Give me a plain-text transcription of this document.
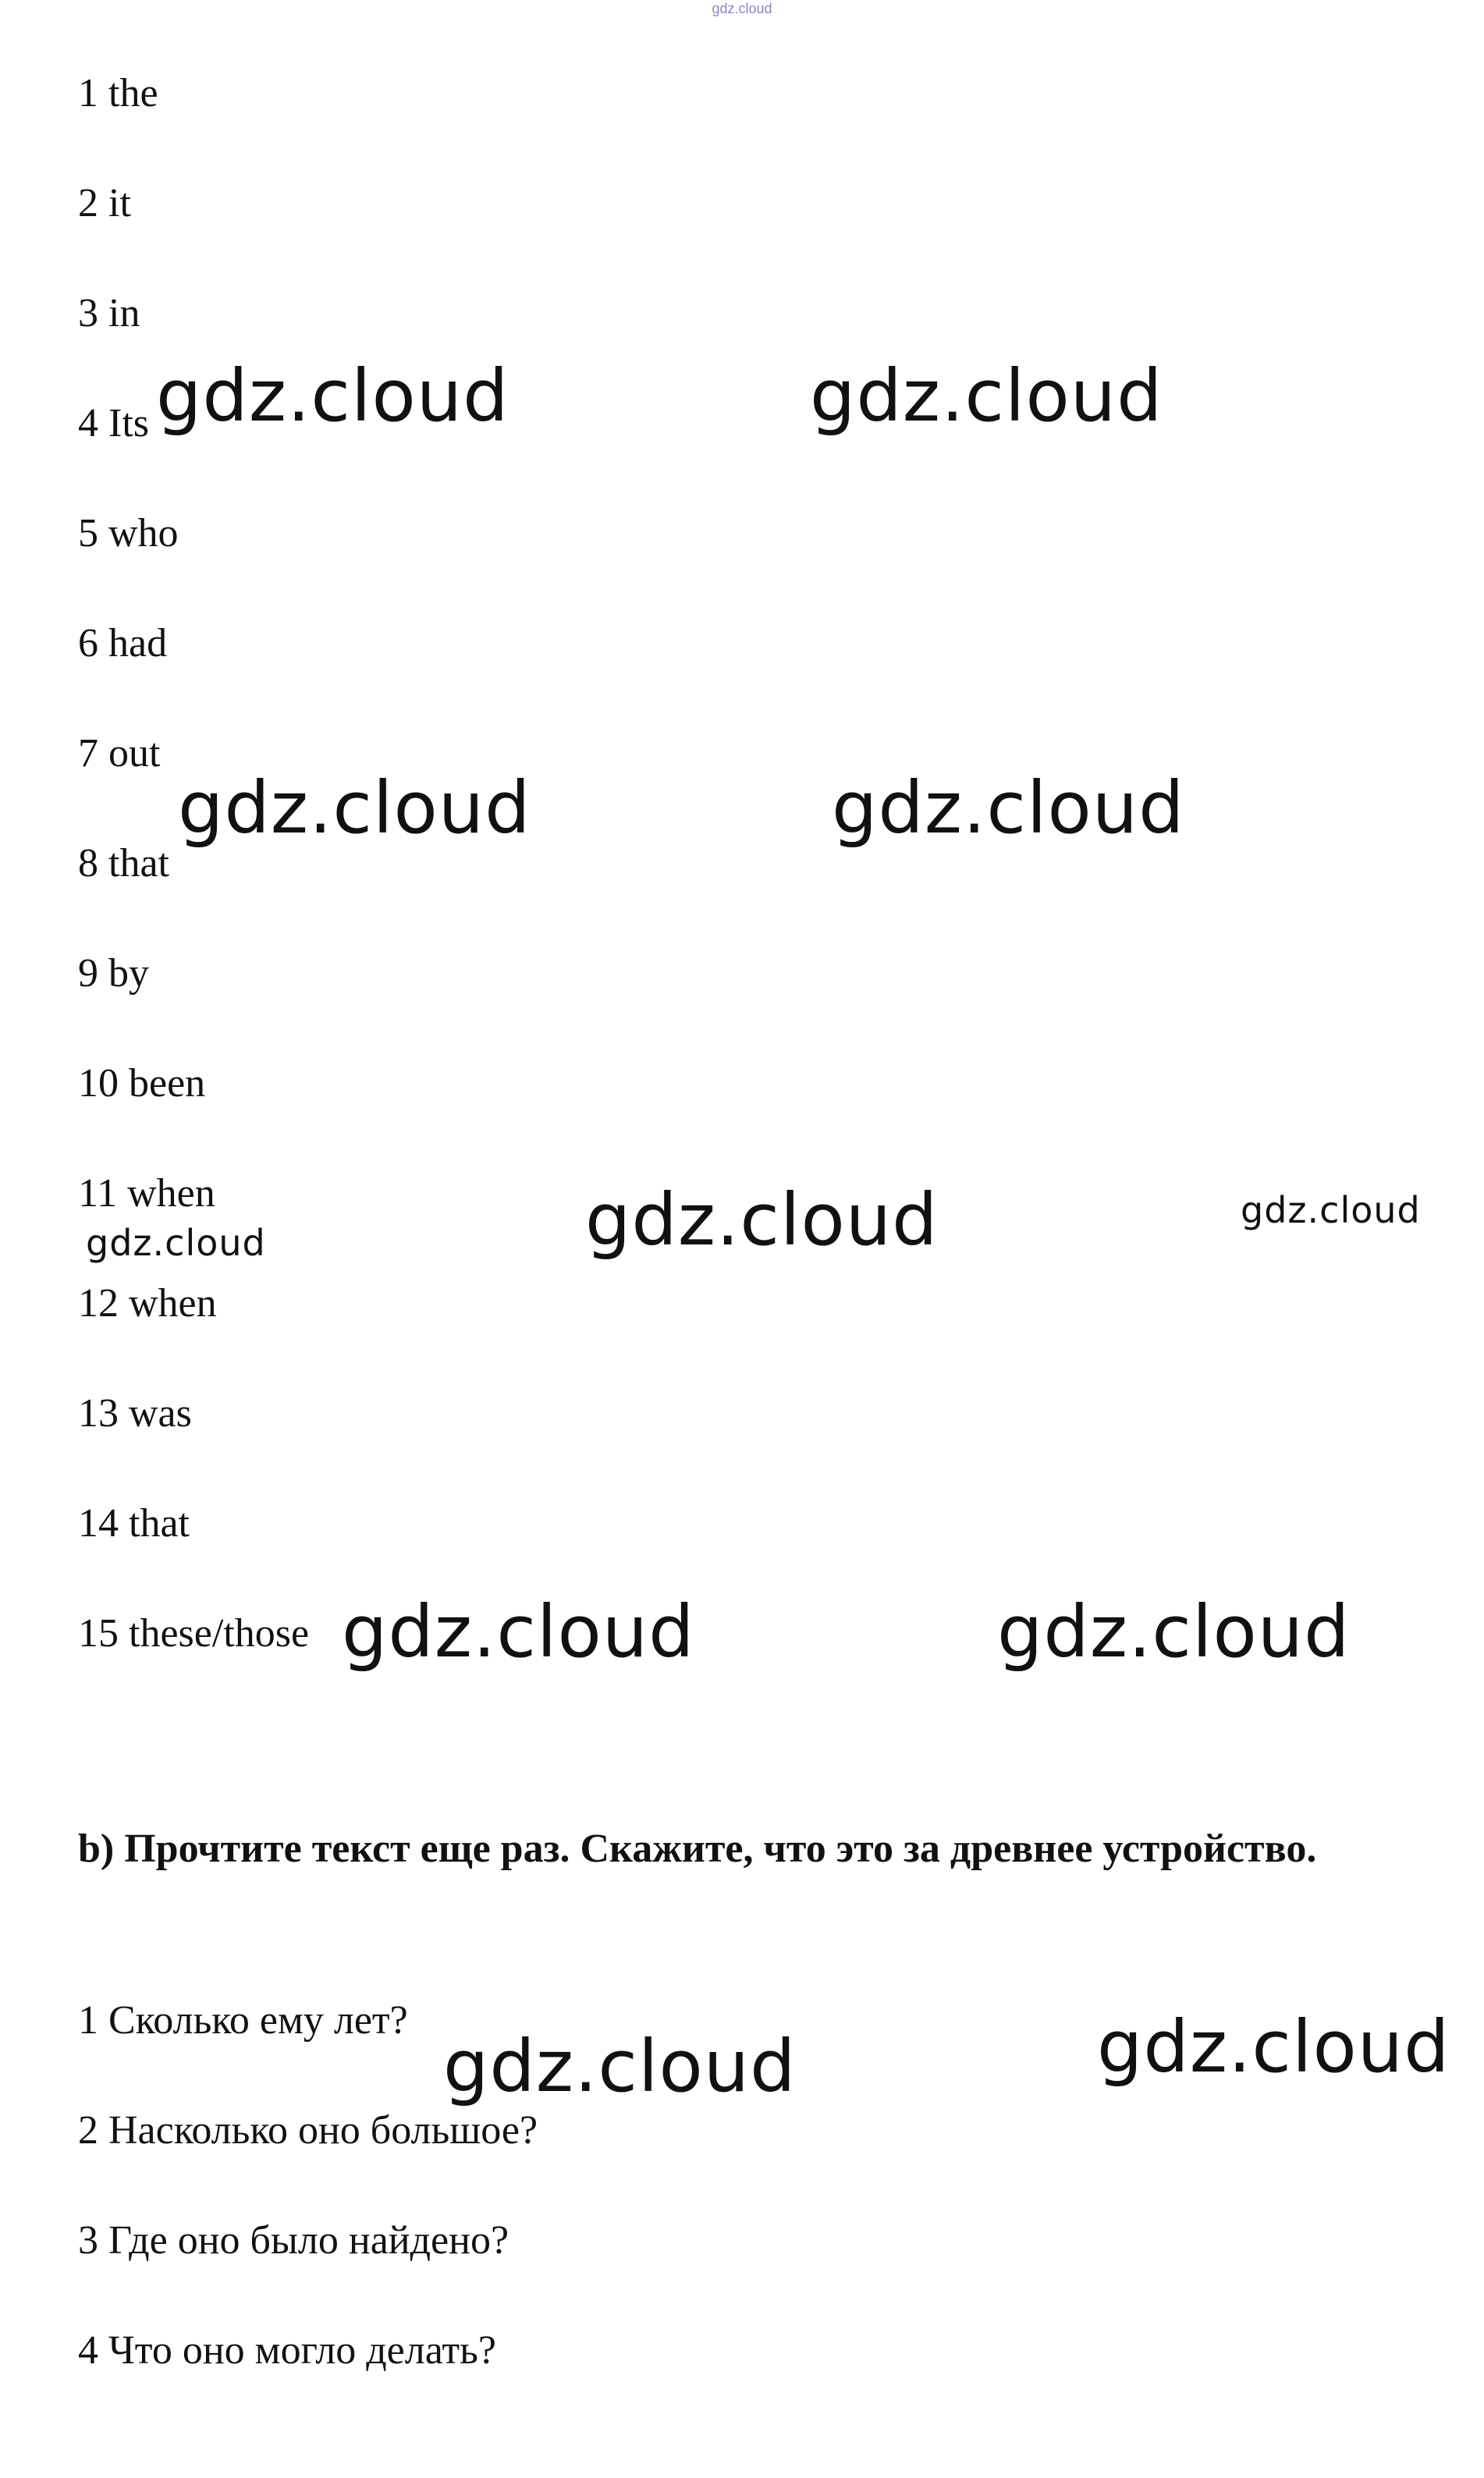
gdz.cloud
1 the
2 it
3 in
4 Its
5 who
6 had
7 out
8 that
9 by
10 been
11 when
12 when
13 was
14 that
15 these/those

b) Прочтите текст еще раз. Скажите, что это за древнее устройство.

1 Сколько ему лет?
2 Насколько оно большое?
3 Где оно было найдено?
4 Что оно могло делать?
gdz.cloud	gdz.cloud
gdz.cloud	gdz.cloud
gdz.cloud	gdz.cloud
gdz.cloud
gdz.cloud	gdz.cloud
gdz.cloud	gdz.cloud
